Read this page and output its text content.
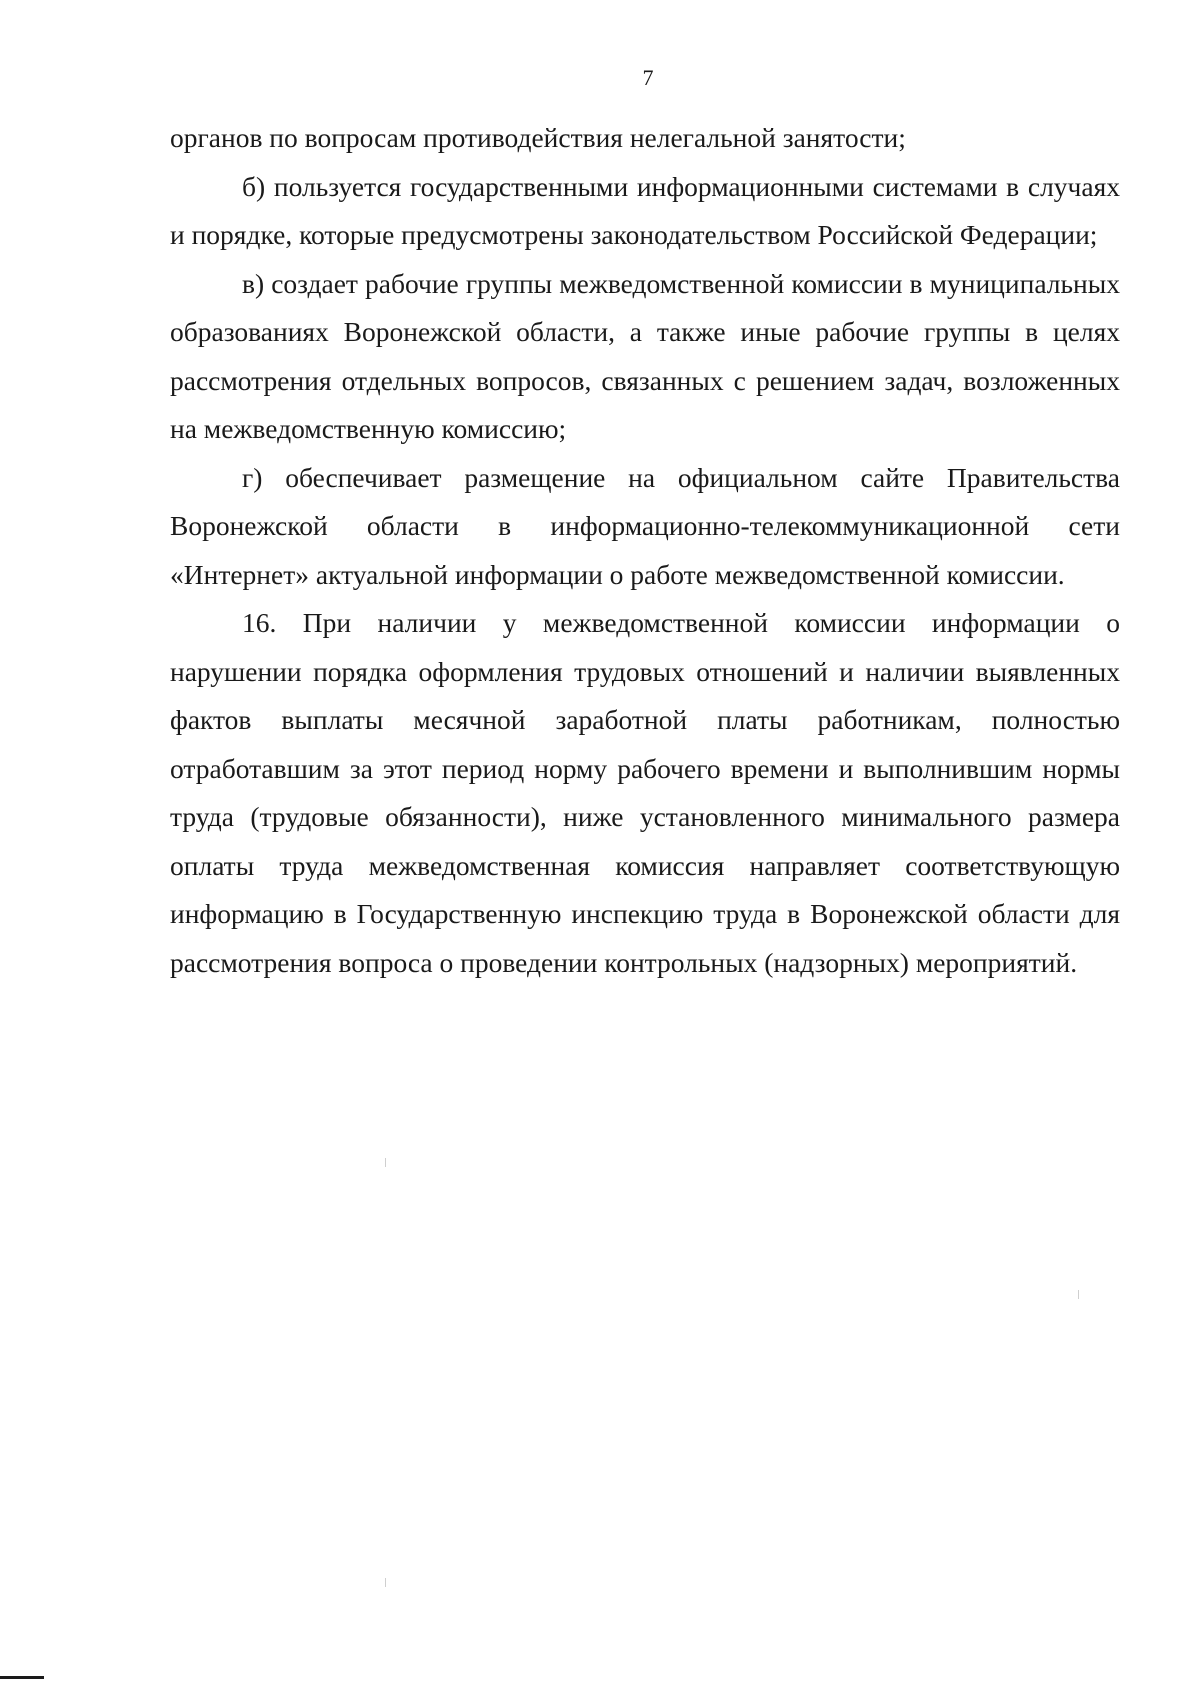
7

органов по вопросам противодействия нелегальной занятости;

б) пользуется государственными информационными системами в случаях и порядке, которые предусмотрены законодательством Российской Федерации;

в) создает рабочие группы межведомственной комиссии в муниципальных образованиях Воронежской области, а также иные рабочие группы в целях рассмотрения отдельных вопросов, связанных с решением задач, возложенных на межведомственную комиссию;

г) обеспечивает размещение на официальном сайте Правительства Воронежской области в информационно-телекоммуникационной сети «Интернет» актуальной информации о работе межведомственной комиссии.

16. При наличии у межведомственной комиссии информации о нарушении порядка оформления трудовых отношений и наличии выявленных фактов выплаты месячной заработной платы работникам, полностью отработавшим за этот период норму рабочего времени и выполнившим нормы труда (трудовые обязанности), ниже установленного минимального размера оплаты труда межведомственная комиссия направляет соответствующую информацию в Государственную инспекцию труда в Воронежской области для рассмотрения вопроса о проведении контрольных (надзорных) мероприятий.
